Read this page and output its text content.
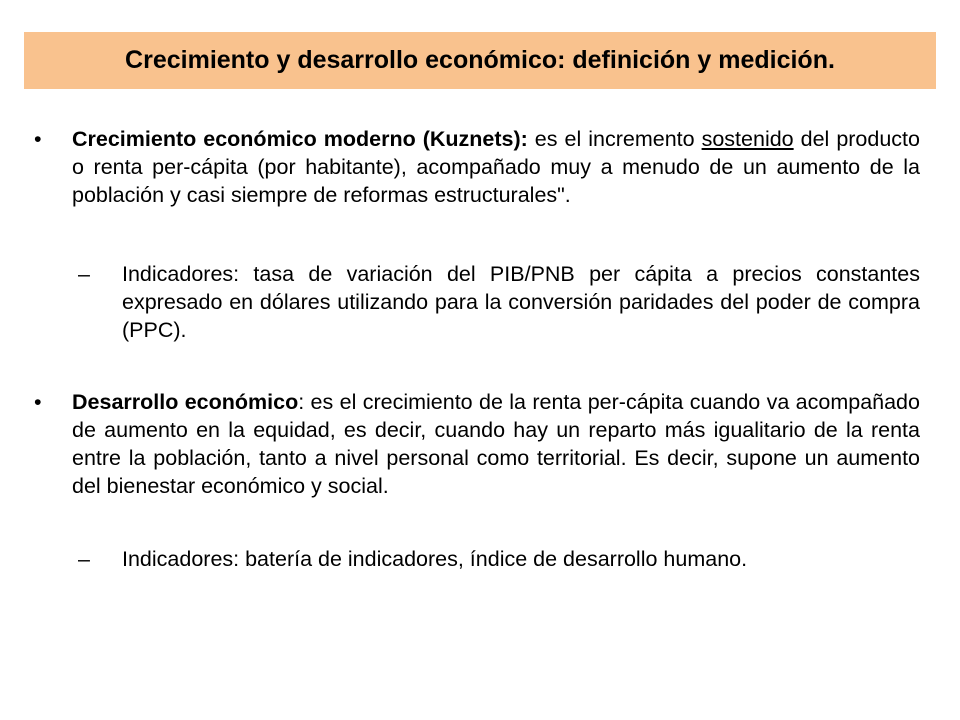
Crecimiento y desarrollo económico: definición y medición.
•	Crecimiento económico moderno (Kuznets): es el incremento sostenido del producto o renta per-cápita (por habitante), acompañado muy a menudo de un aumento de la población y casi siempre de reformas estructurales".
–	Indicadores: tasa de variación del PIB/PNB per cápita a precios constantes expresado en dólares utilizando para la conversión paridades del poder de compra (PPC).
•	Desarrollo económico: es el crecimiento de la renta per-cápita cuando va acompañado de aumento en la equidad, es decir, cuando hay un reparto más igualitario de la renta entre la población, tanto a nivel personal como territorial. Es decir, supone un aumento del bienestar económico y social.
–	Indicadores: batería de indicadores, índice de desarrollo humano.
